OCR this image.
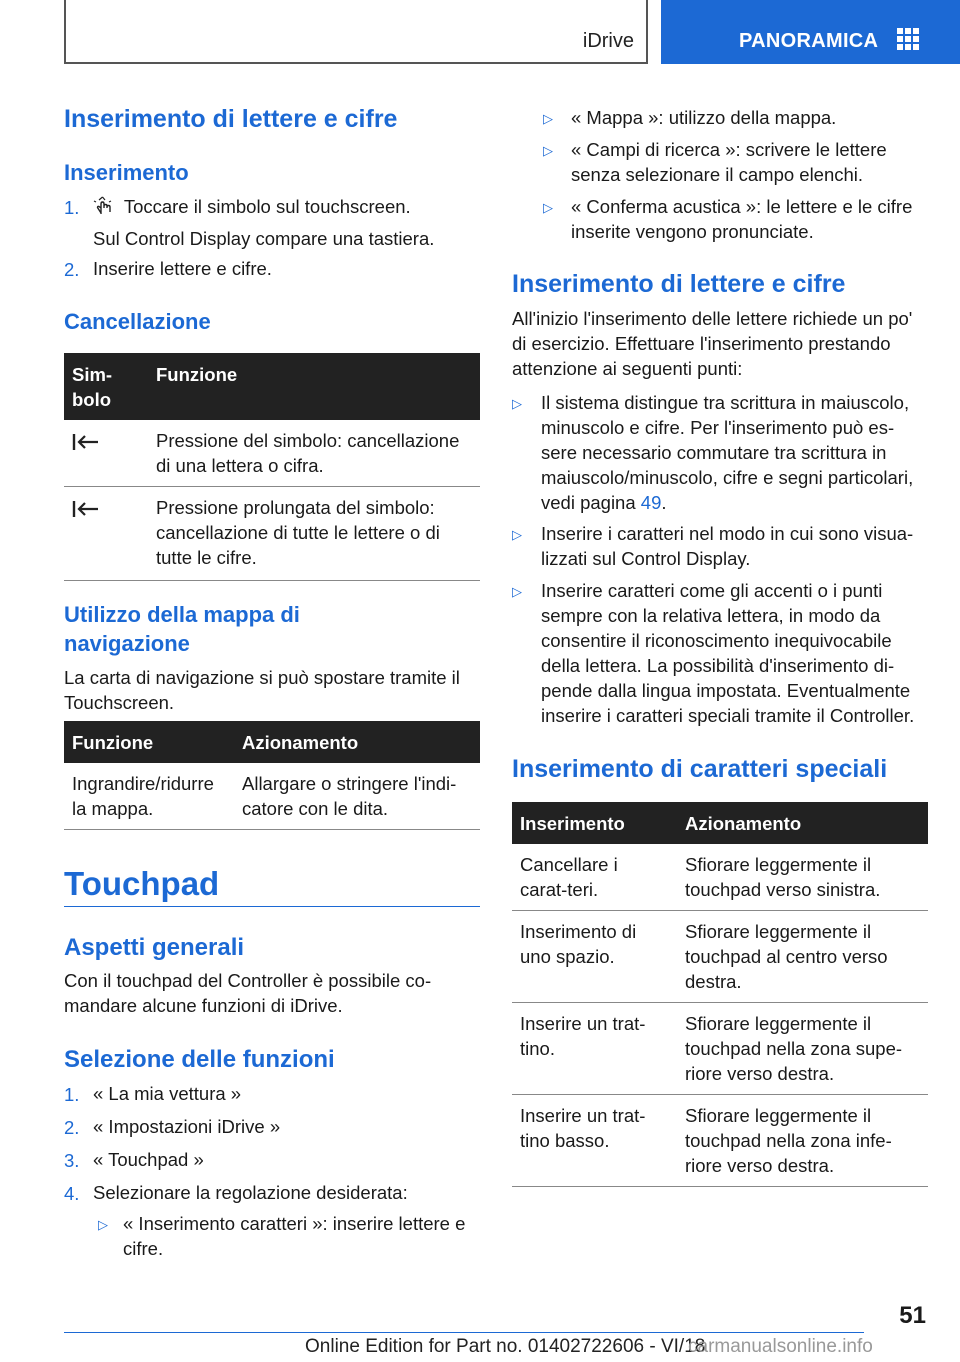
iDrive	PANORAMICA
Inserimento di lettere e cifre
Inserimento
1.	Toccare il simbolo sul touchscreen.
Sul Control Display compare una tastiera.
2. Inserire lettere e cifre.
Cancellazione
Sim-
bolo	Funzione
	Pressione del simbolo: cancellazione di una lettera o cifra.
	Pressione prolungata del simbolo: cancellazione di tutte le lettere o di tutte le cifre.
Utilizzo della mappa di navigazione

La carta di navigazione si può spostare tramite il Touchscreen.

Funzione	Azionamento
Ingrandire/ridurre la mappa.	Allargare o stringere l'indi-catore con le dita.
Touchpad
Aspetti generali

Con il touchpad del Controller è possibile co-mandare alcune funzioni di iDrive.

Selezione delle funzioni
1. « La mia vettura »
2. « Impostazioni iDrive »
3. « Touchpad »
4. Selezionare la regolazione desiderata:
▷ « Inserimento caratteri »: inserire lettere e cifre.
▷ « Mappa »: utilizzo della mappa.
▷ « Campi di ricerca »: scrivere le lettere senza selezionare il campo elenchi.
▷ « Conferma acustica »: le lettere e le cifre inserite vengono pronunciate.
Inserimento di lettere e cifre

All'inizio l'inserimento delle lettere richiede un po' di esercizio. Effettuare l'inserimento prestando attenzione ai seguenti punti:

▷ Il sistema distingue tra scrittura in maiuscolo, minuscolo e cifre. Per l'inserimento può es-sere necessario commutare tra scrittura in maiuscolo/minuscolo, cifre e segni particolari, vedi pagina 49.
▷ Inserire i caratteri nel modo in cui sono visua-lizzati sul Control Display.
▷ Inserire caratteri come gli accenti o i punti sempre con la relativa lettera, in modo da consentire il riconoscimento inequivocabile della lettera. La possibilità d'inserimento di-pende dalla lingua impostata. Eventualmente inserire i caratteri speciali tramite il Controller.
Inserimento di caratteri speciali
Inserimento	Azionamento
Cancellare i carat-teri.	Sfiorare leggermente il touchpad verso sinistra.
Inserimento di uno spazio.	Sfiorare leggermente il touchpad al centro verso destra.
Inserire un trat-tino.	Sfiorare leggermente il touchpad nella zona supe-riore verso destra.
Inserire un trat-tino basso.	Sfiorare leggermente il touchpad nella zona infe-riore verso destra.
51
Online Edition for Part no. 01402722606 - VI/18
carmanualsonline.info
